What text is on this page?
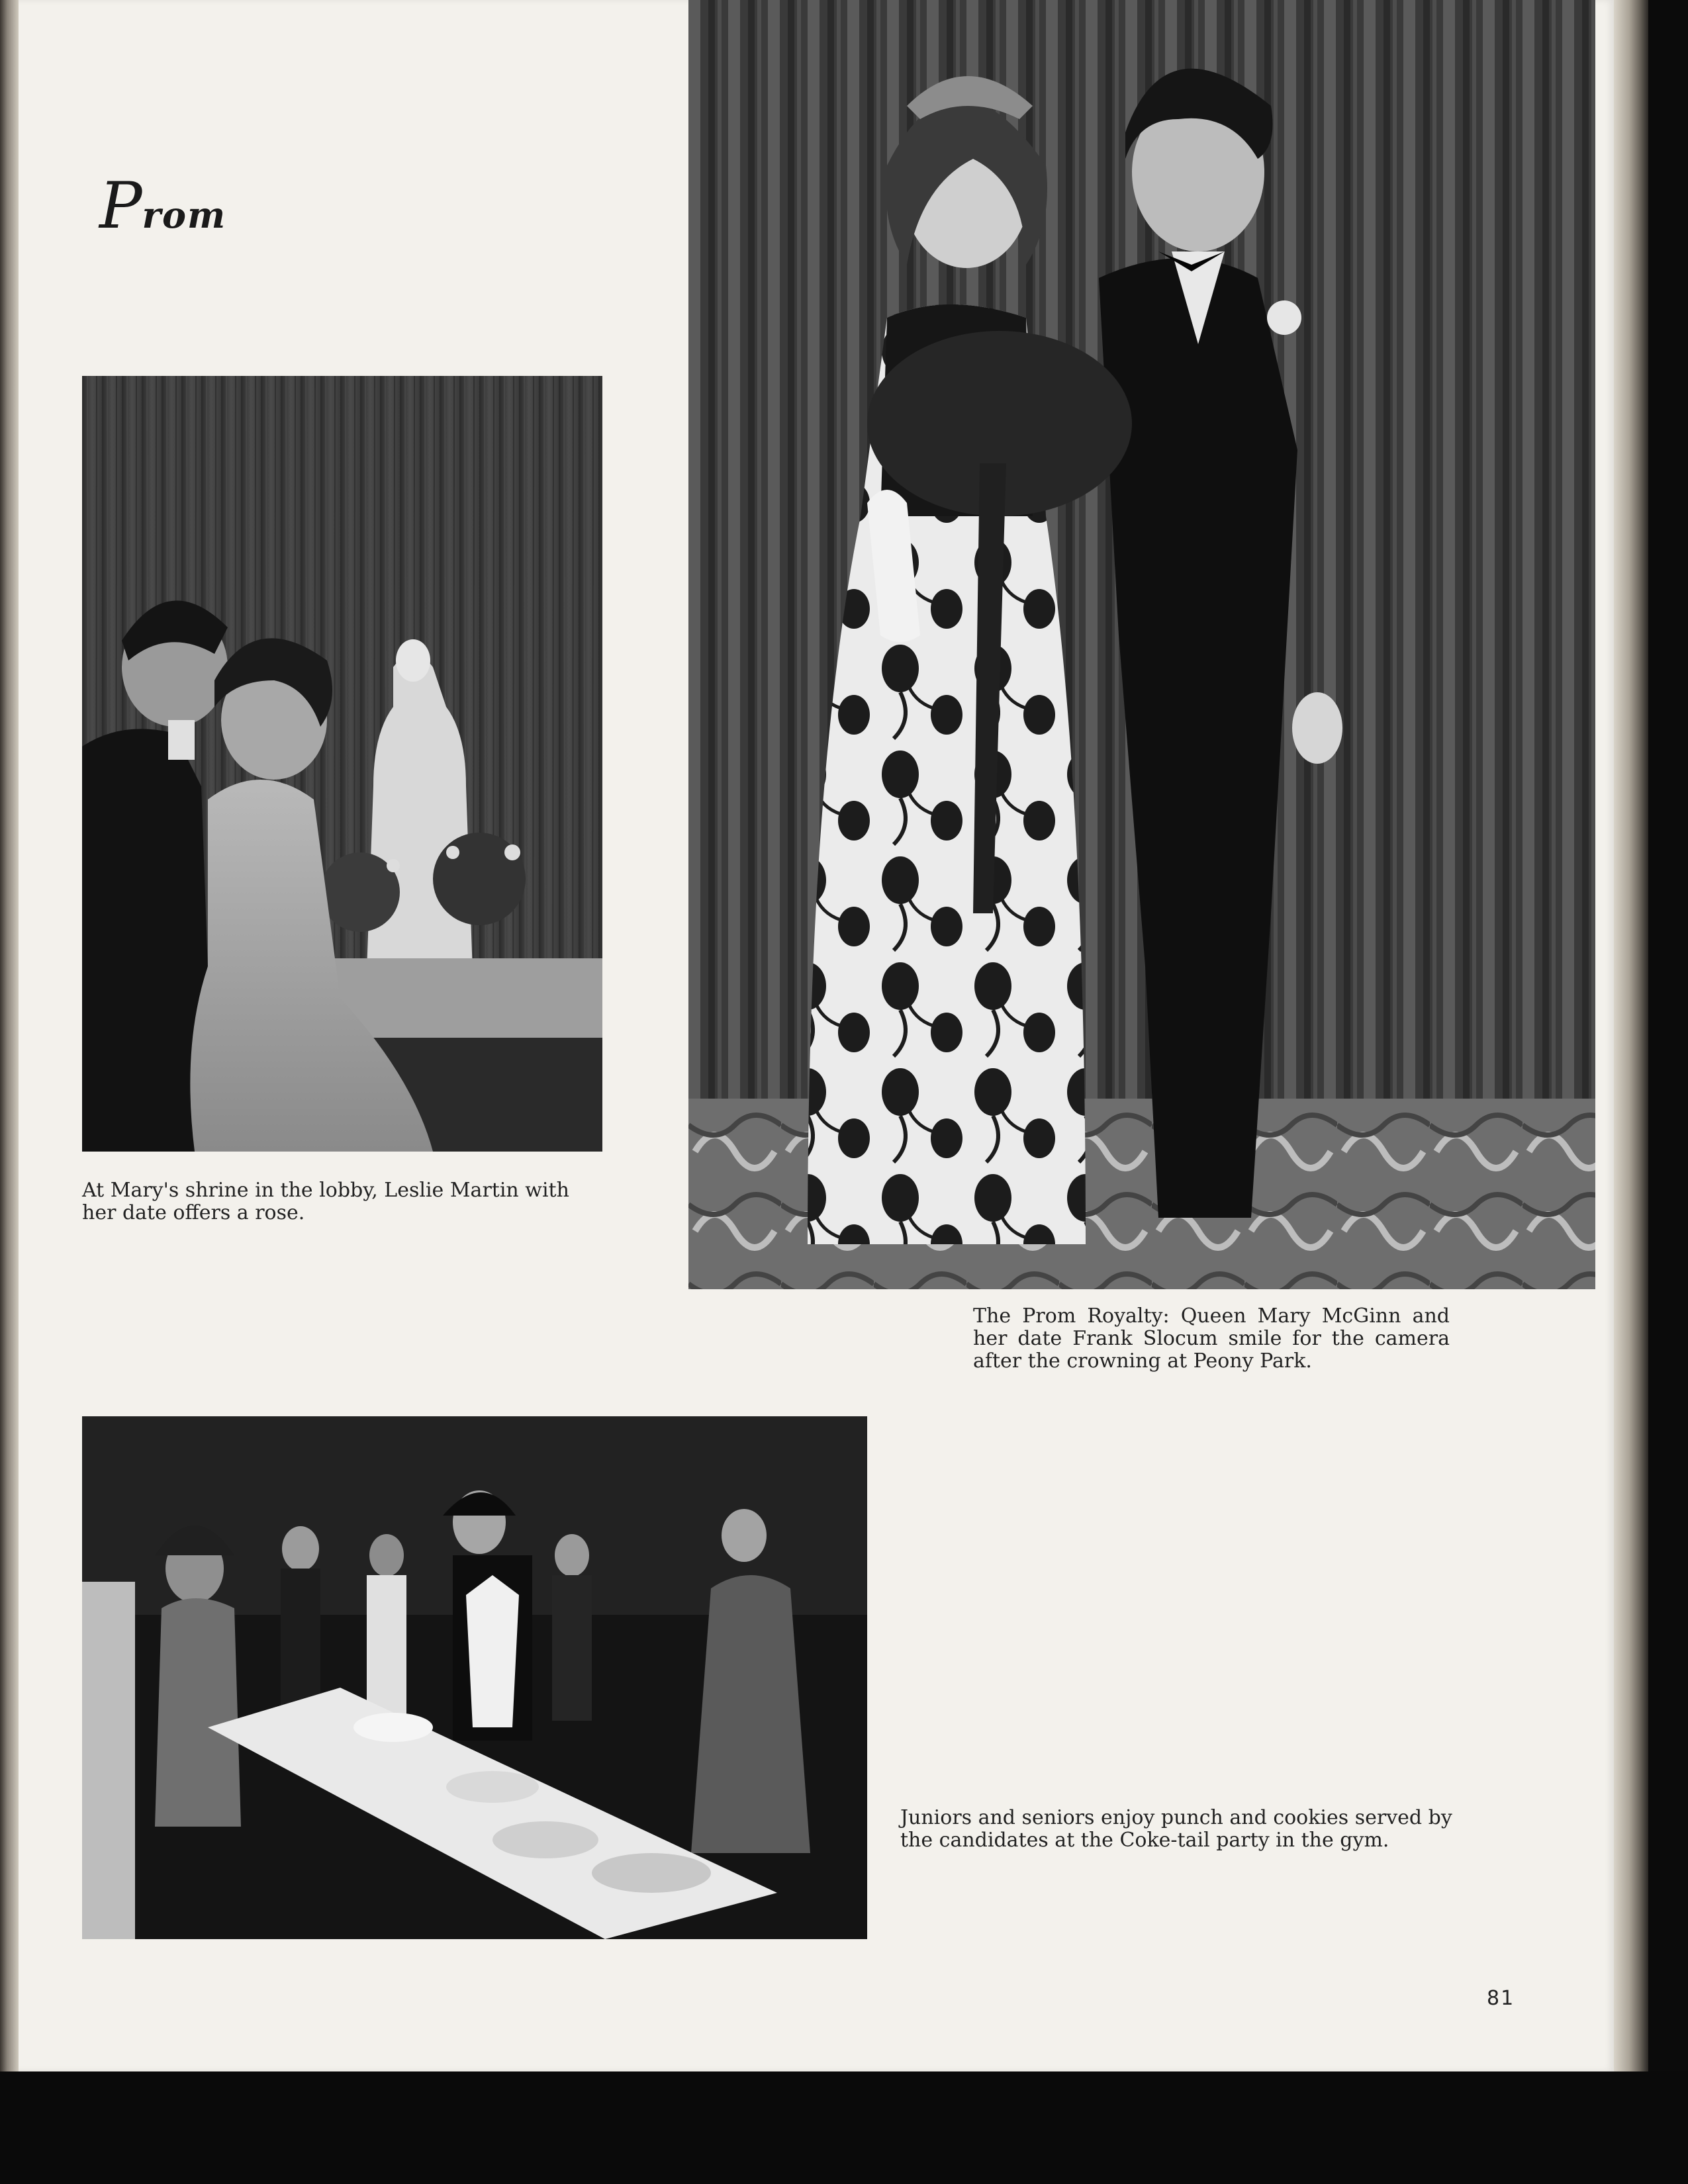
Prom
At Mary's shrine in the lobby, Leslie Martin with her date offers a rose.
The Prom Royalty: Queen Mary McGinn and her date Frank Slocum smile for the camera after the crowning at Peony Park.
Juniors and seniors enjoy punch and cookies served by the candidates at the Coke-tail party in the gym.
81
